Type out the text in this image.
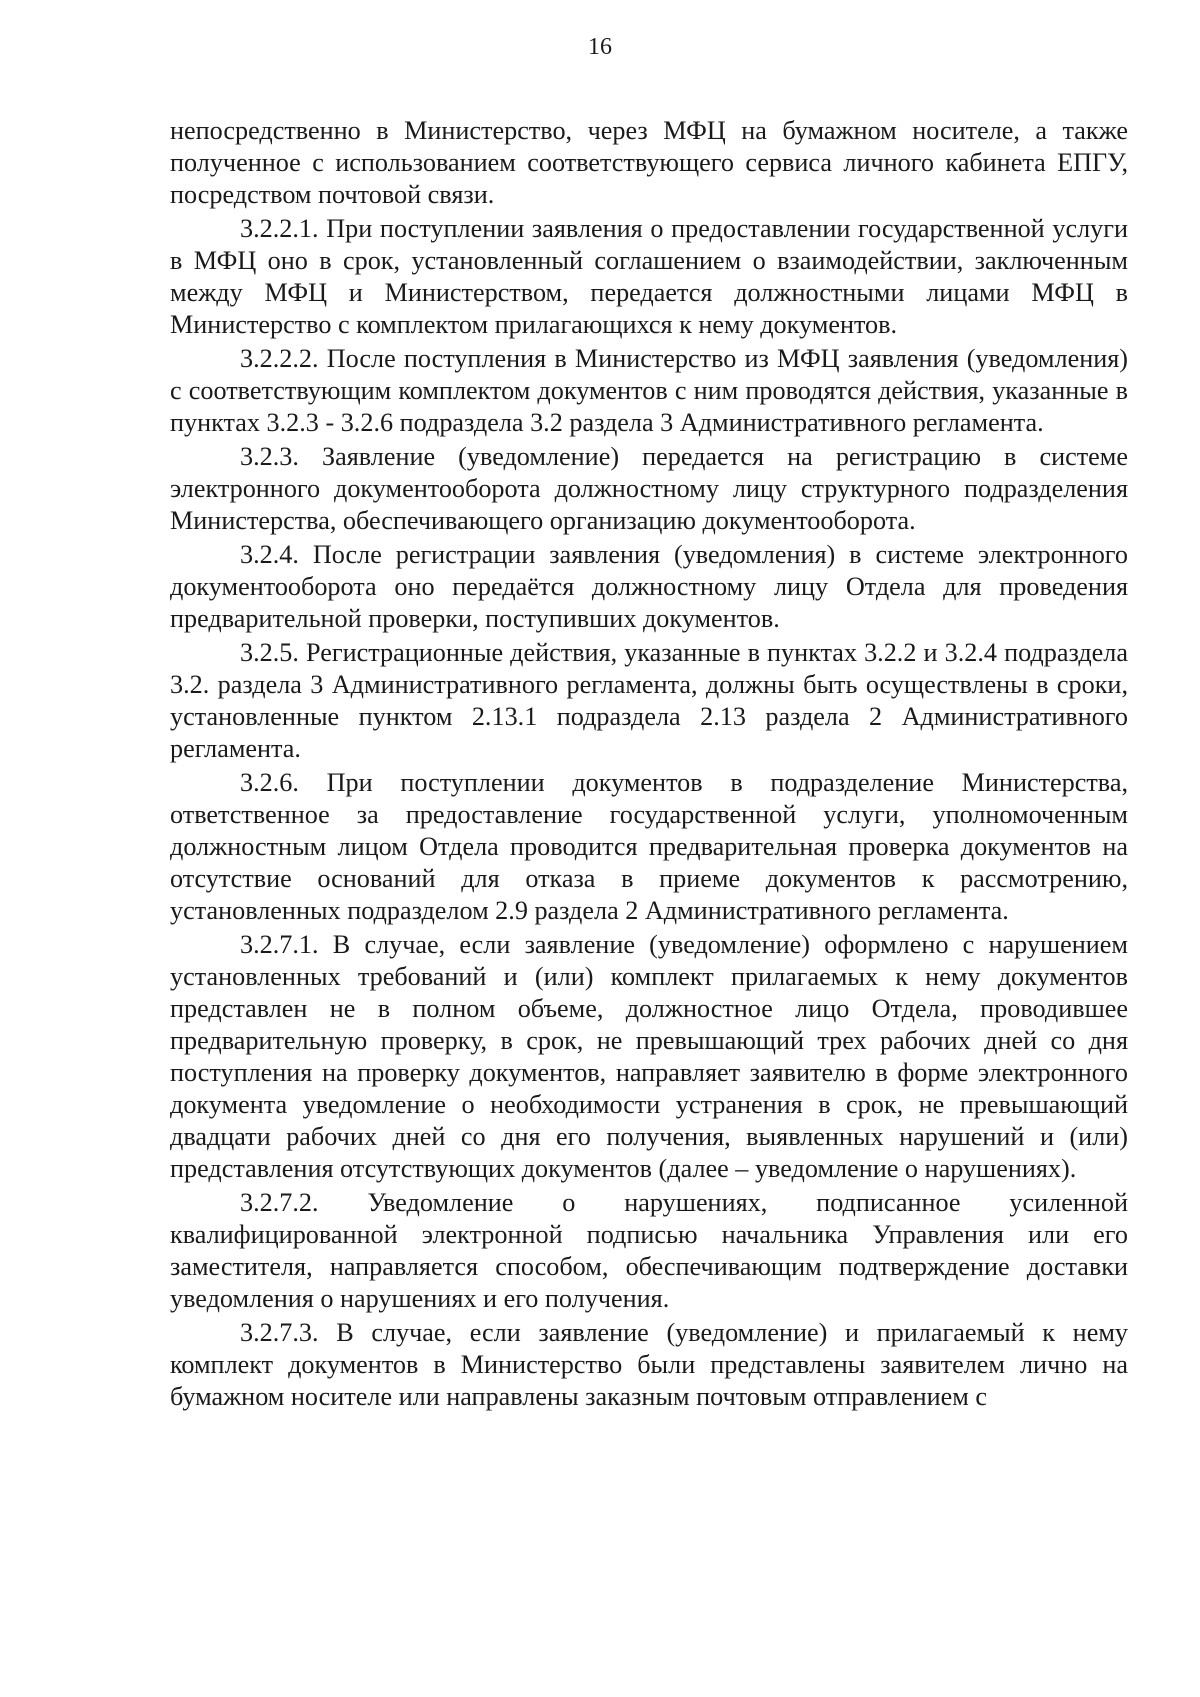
16

непосредственно в Министерство, через МФЦ на бумажном носителе, а также полученное с использованием соответствующего сервиса личного кабинета ЕПГУ, посредством почтовой связи.

3.2.2.1. При поступлении заявления о предоставлении государственной услуги в МФЦ оно в срок, установленный соглашением о взаимодействии, заключенным между МФЦ и Министерством, передается должностными лицами МФЦ в Министерство с комплектом прилагающихся к нему документов.

3.2.2.2. После поступления в Министерство из МФЦ заявления (уведомления) с соответствующим комплектом документов с ним проводятся действия, указанные в пунктах 3.2.3 - 3.2.6 подраздела 3.2 раздела 3 Административного регламента.

3.2.3. Заявление (уведомление) передается на регистрацию в системе электронного документооборота должностному лицу структурного подразделения Министерства, обеспечивающего организацию документооборота.

3.2.4. После регистрации заявления (уведомления) в системе электронного документооборота оно передаётся должностному лицу Отдела для проведения предварительной проверки, поступивших документов.

3.2.5. Регистрационные действия, указанные в пунктах 3.2.2 и 3.2.4 подраздела 3.2. раздела 3 Административного регламента, должны быть осуществлены в сроки, установленные пунктом 2.13.1 подраздела 2.13 раздела 2 Административного регламента.

3.2.6. При поступлении документов в подразделение Министерства, ответственное за предоставление государственной услуги, уполномоченным должностным лицом Отдела проводится предварительная проверка документов на отсутствие оснований для отказа в приеме документов к рассмотрению, установленных подразделом 2.9 раздела 2 Административного регламента.

3.2.7.1. В случае, если заявление (уведомление) оформлено с нарушением установленных требований и (или) комплект прилагаемых к нему документов представлен не в полном объеме, должностное лицо Отдела, проводившее предварительную проверку, в срок, не превышающий трех рабочих дней со дня поступления на проверку документов, направляет заявителю в форме электронного документа уведомление о необходимости устранения в срок, не превышающий двадцати рабочих дней со дня его получения, выявленных нарушений и (или) представления отсутствующих документов (далее – уведомление о нарушениях).

3.2.7.2. Уведомление о нарушениях, подписанное усиленной квалифицированной электронной подписью начальника Управления или его заместителя, направляется способом, обеспечивающим подтверждение доставки уведомления о нарушениях и его получения.

3.2.7.3. В случае, если заявление (уведомление) и прилагаемый к нему комплект документов в Министерство были представлены заявителем лично на бумажном носителе или направлены заказным почтовым отправлением с
